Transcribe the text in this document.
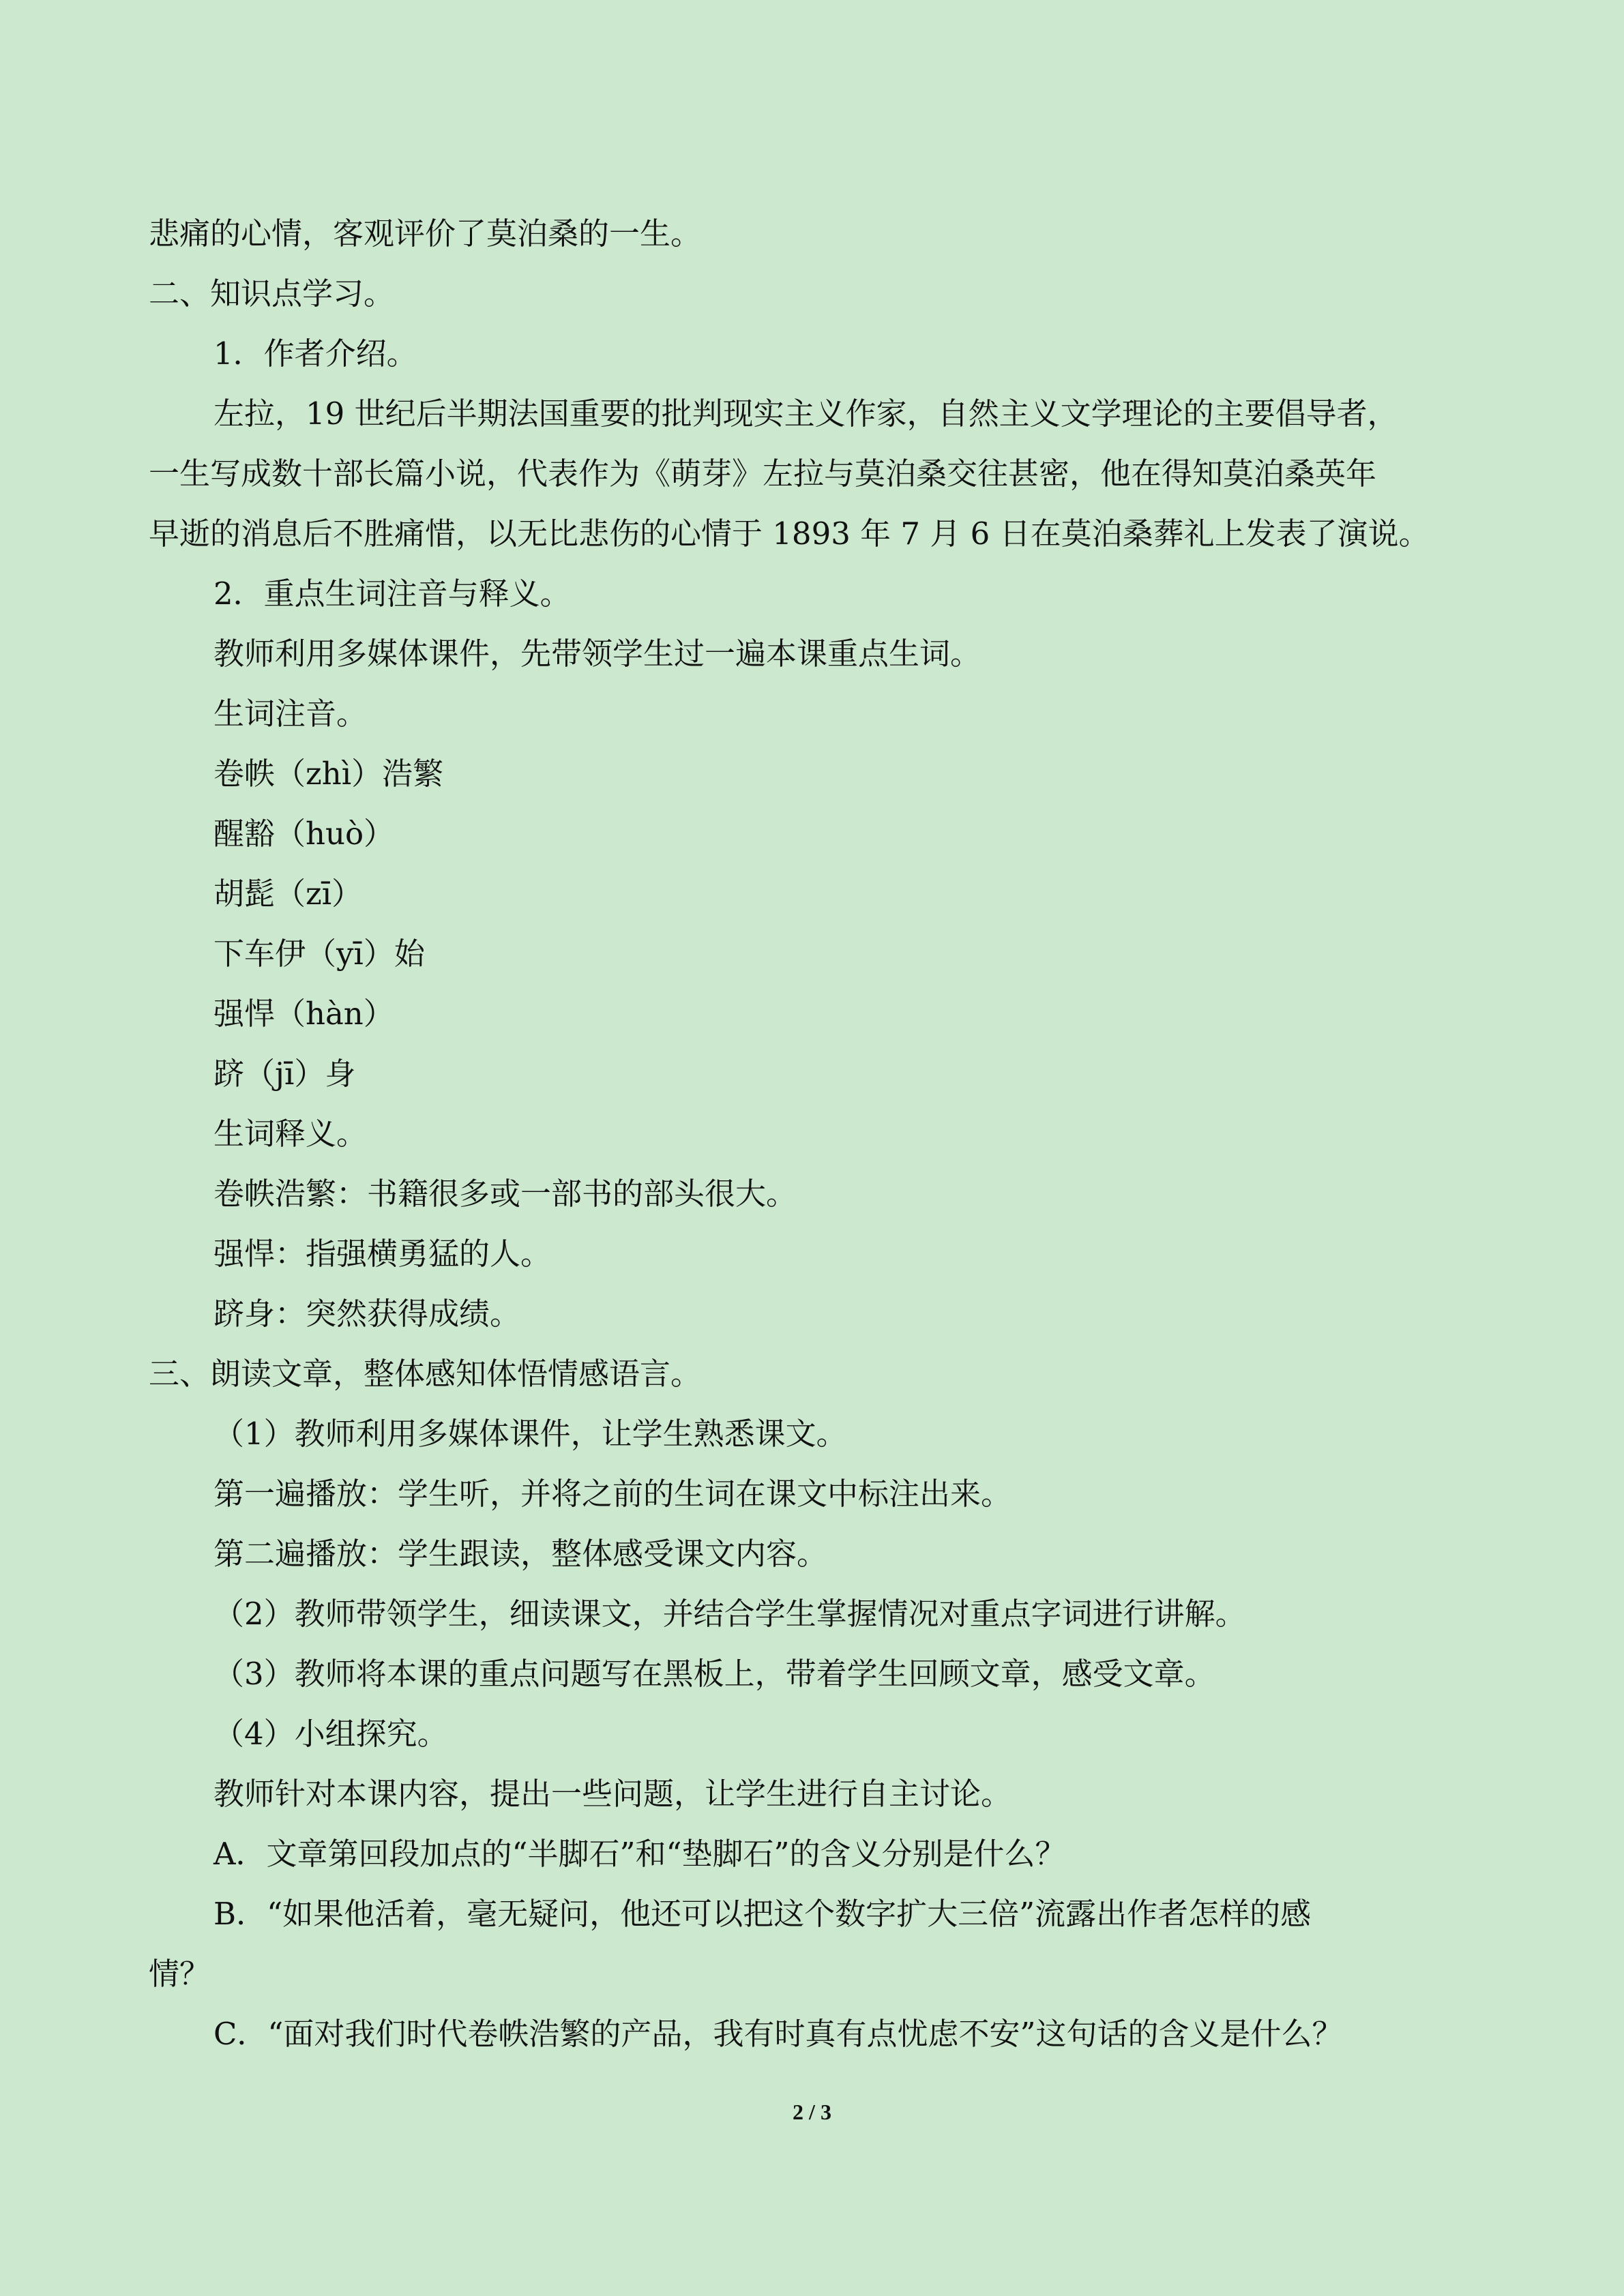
悲痛的心情，客观评价了莫泊桑的一生。

二、知识点学习。

1．作者介绍。

左拉，19 世纪后半期法国重要的批判现实主义作家，自然主义文学理论的主要倡导者，

一生写成数十部长篇小说，代表作为《萌芽》左拉与莫泊桑交往甚密，他在得知莫泊桑英年

早逝的消息后不胜痛惜，以无比悲伤的心情于 1893 年 7 月 6 日在莫泊桑葬礼上发表了演说。

2．重点生词注音与释义。

教师利用多媒体课件，先带领学生过一遍本课重点生词。

生词注音。

卷帙（zhì）浩繁

醒豁（huò）

胡髭（zī）

下车伊（yī）始

强悍（hàn）

跻（jī）身

生词释义。

卷帙浩繁：书籍很多或一部书的部头很大。

强悍：指强横勇猛的人。

跻身：突然获得成绩。

三、朗读文章，整体感知体悟情感语言。

（1）教师利用多媒体课件，让学生熟悉课文。

第一遍播放：学生听，并将之前的生词在课文中标注出来。

第二遍播放：学生跟读，整体感受课文内容。

（2）教师带领学生，细读课文，并结合学生掌握情况对重点字词进行讲解。

（3）教师将本课的重点问题写在黑板上，带着学生回顾文章，感受文章。

（4）小组探究。

教师针对本课内容，提出一些问题，让学生进行自主讨论。

A．文章第回段加点的“半脚石”和“垫脚石”的含义分别是什么？

B．“如果他活着，毫无疑问，他还可以把这个数字扩大三倍”流露出作者怎样的感

情？

C．“面对我们时代卷帙浩繁的产品，我有时真有点忧虑不安”这句话的含义是什么？

2 / 3
